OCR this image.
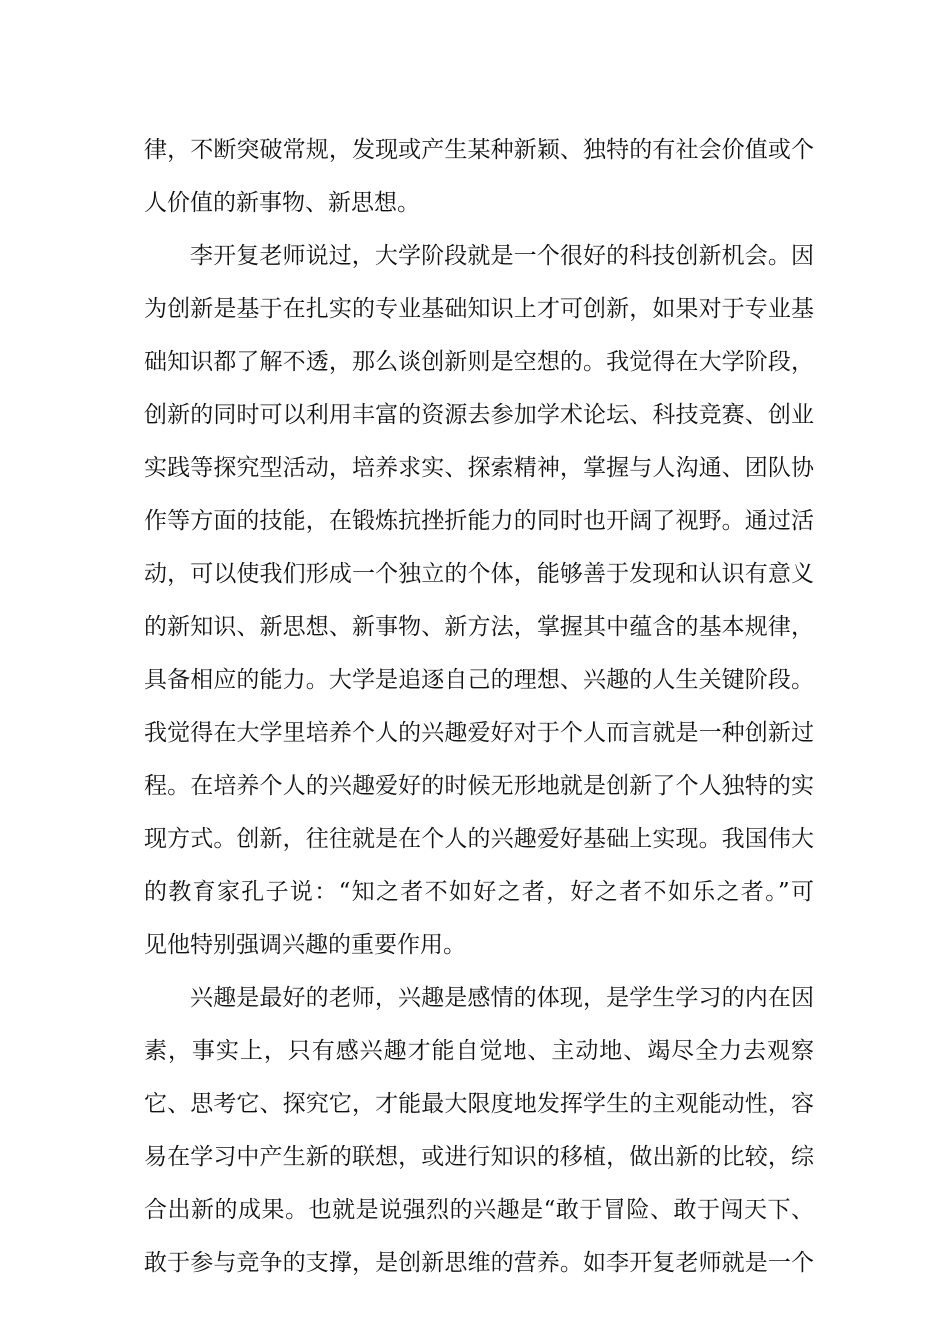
律，不断突破常规，发现或产生某种新颖、独特的有社会价值或个
人价值的新事物、新思想。
李开复老师说过，大学阶段就是一个很好的科技创新机会。因
为创新是基于在扎实的专业基础知识上才可创新，如果对于专业基
础知识都了解不透，那么谈创新则是空想的。我觉得在大学阶段，
创新的同时可以利用丰富的资源去参加学术论坛、科技竞赛、创业
实践等探究型活动，培养求实、探索精神，掌握与人沟通、团队协
作等方面的技能，在锻炼抗挫折能力的同时也开阔了视野。通过活
动，可以使我们形成一个独立的个体，能够善于发现和认识有意义
的新知识、新思想、新事物、新方法，掌握其中蕴含的基本规律，
具备相应的能力。大学是追逐自己的理想、兴趣的人生关键阶段。
我觉得在大学里培养个人的兴趣爱好对于个人而言就是一种创新过
程。在培养个人的兴趣爱好的时候无形地就是创新了个人独特的实
现方式。创新，往往就是在个人的兴趣爱好基础上实现。我国伟大
的教育家孔子说：“知之者不如好之者，好之者不如乐之者。”可
见他特别强调兴趣的重要作用。
兴趣是最好的老师，兴趣是感情的体现，是学生学习的内在因
素，事实上，只有感兴趣才能自觉地、主动地、竭尽全力去观察
它、思考它、探究它，才能最大限度地发挥学生的主观能动性，容
易在学习中产生新的联想，或进行知识的移植，做出新的比较，综
合出新的成果。也就是说强烈的兴趣是“敢于冒险、敢于闯天下、
敢于参与竞争的支撑，是创新思维的营养。如李开复老师就是一个
